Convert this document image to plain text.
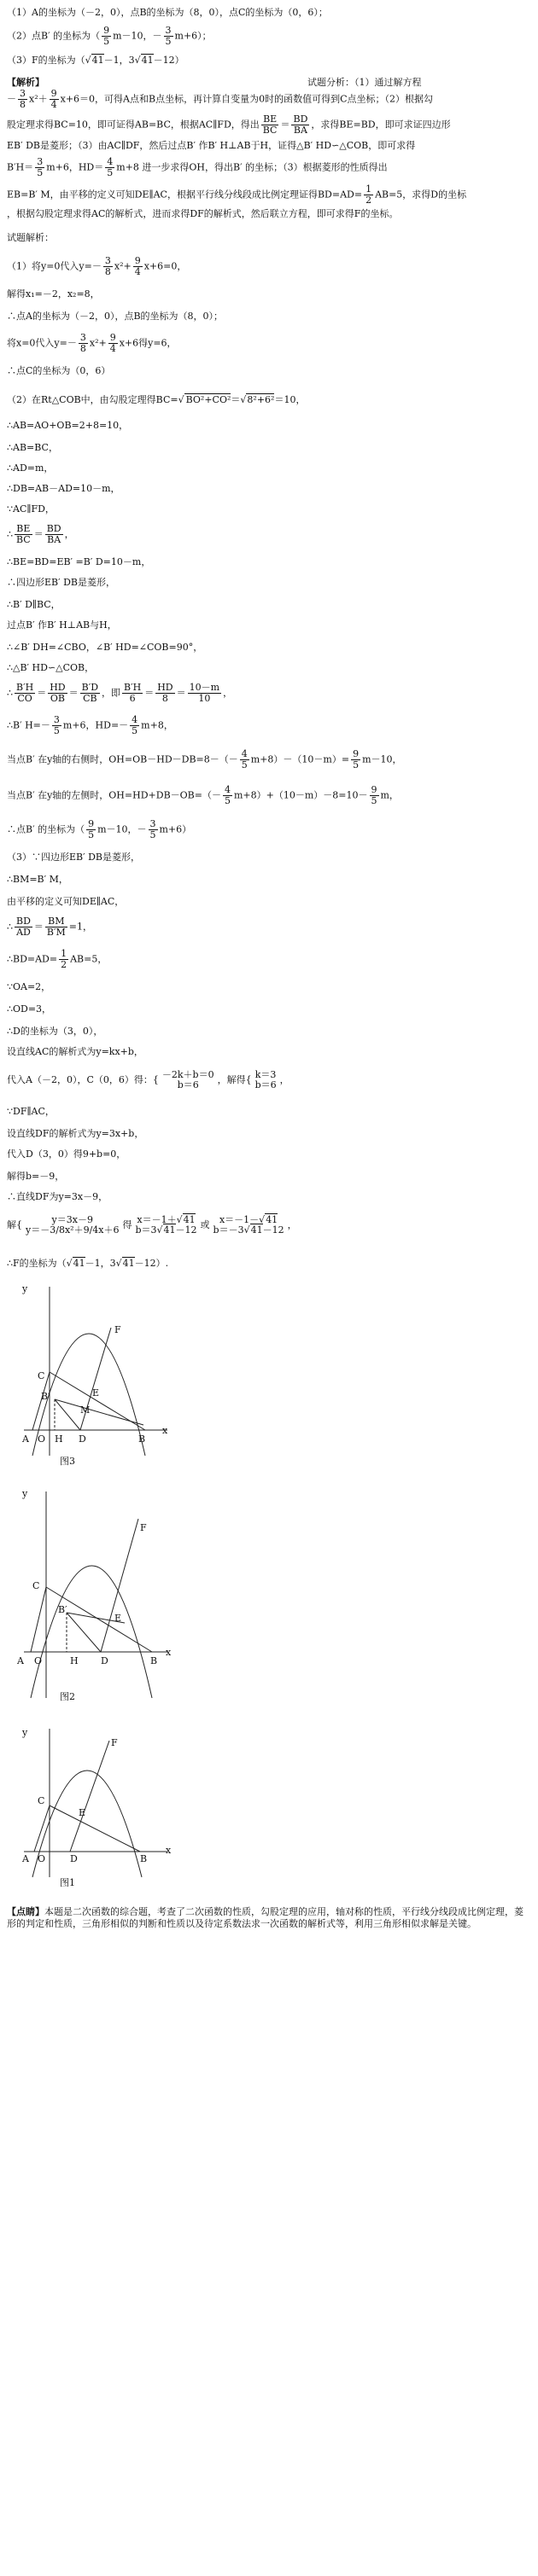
（1）A的坐标为（－2，0），点B的坐标为（8，0），点C的坐标为（0，6）；
（2）点B′ 的坐标为（ $\frac{9}{5} m-10$，－ $\frac{3}{5} m+6$）；
（3）F的坐标为（√41－1，3√41－12）
【解析】	试题分析：（1）通过解方程
－ $\frac{3}{8} x^2+ \frac{9}{4} x+6=0$，可得A点和B点坐标，再计算自变量为0时的函数值可得到C点坐标；（2）根据勾
股定理求得BC=10，即可证得AB=BC，根据AC∥FD，得出 $\frac{BE}{BC} = \frac{BD}{BA}$ ，求得BE=BD，即可求证四边形
EB′ DB是菱形；（3）由AC∥DF，然后过点B′ 作B′ H⊥AB于H，证得△B′ HD∽△COB，即可求得
$B'H= \frac{3}{5} m+6$，$HD= \frac{4}{5} m+8$ 进一步求得OH，得出B′ 的坐标；（3）根据菱形的性质得出
EB=B′ M，由平移的定义可知DE∥AC，根据平行线分线段成比例定理证得$BD=AD= \frac{1}{2} AB=5$，求得D的坐标
，根据勾股定理求得AC的解析式，进而求得DF的解析式，然后联立方程，即可求得F的坐标。
试题解析：
（1）将y=0代入$y=- \frac{3}{8} x^2+ \frac{9}{4} x+6=0$，
解得x₁=－2，x₂=8，
∴点A的坐标为（－2，0），点B的坐标为（8，0）；
将x=0代入$y=- \frac{3}{8} x^2+ \frac{9}{4} x+6$得y=6，
∴点C的坐标为（0，6）
（2）在Rt△COB中，由勾股定理得BC=√ BO²+CO²＝√8²+6²＝10，
∴AB=AO+OB=2+8=10，
∴AB=BC，
∴AD=m，
∴DB=AB－AD=10－m，
∵AC∥FD，
∴ $\frac{BE}{BC} = \frac{BD}{BA}$ ，
∴BE=BD=EB′ =B′ D=10－m，
∴四边形EB′ DB是菱形，
∴B′ D∥BC，
过点B′ 作B′ H⊥AB与H，
∴∠B′ DH=∠CBO，∠B′ HD=∠COB=90°，
∴△B′ HD∽△COB，
∴ $\frac{B'H}{CO} = \frac{HD}{OB} = \frac{B'D}{CB}$ ，即 $\frac{B'H}{6} = \frac{HD}{8} = \frac{10-m}{10}$ ，
∴B′ $H=- \frac{3}{5} m+6$，$HD=- \frac{4}{5} m+8$，
当点B′ 在y轴的右侧时，$OH=OB-HD-DB=8-(- \frac{4}{5} m+8)-(10-m)= \frac{9}{5} m-10$，
当点B′ 在y轴的左侧时，$OH=HD+DB-OB=(- \frac{4}{5} m+8)+(10-m)-8=10- \frac{9}{5}$ m，
∴点B′ 的坐标为（ $\frac{9}{5} m-10$，－ $\frac{3}{5} m+6$）
（3）∵四边形EB′ DB是菱形，
∴BM=B′ M，
由平移的定义可知DE∥AC，
∴ $\frac{BD}{AD} = \frac{BM}{B'M} =1$，
∴BD=AD= $\frac{1}{2} AB=5$，
∵OA=2，
∴OD=3，
∴D的坐标为（3，0），
设直线AC的解析式为y=kx+b，
代入A（－2，0），C（0，6）得：{ －2k＋b＝0
b＝6	，解得{ k＝3
b＝6 ，
∵DF∥AC，
设直线DF的解析式为y=3x+b，
代入D（3，0）得9+b=0，
解得b=－9，
∴直线DF为y=3x－9，
解{	y＝3x－9
y＝－3/8x²＋9/4x＋6 得 x＝－1＋√41
b＝3√41－12 或	x＝－1－√41
b＝－3√41－12 ，
∴F的坐标为（√41－1，3√41－12）.
y
C
B′
F
E
M
A O	D
H	B
x
图3
y
C
F
B′
E
A O	H D	B
x
图2
y
C
F
E
A O	D	B
x
图1
【点睛】本题是二次函数的综合题，考查了二次函数的性质，勾股定理的应用，轴对称的性质，平行线分线段成比例定理，菱形的判定和性质，三角形相似的判断和性质以及待定系数法求一次函数的解析式等，利用三角形相似求解是关键。
